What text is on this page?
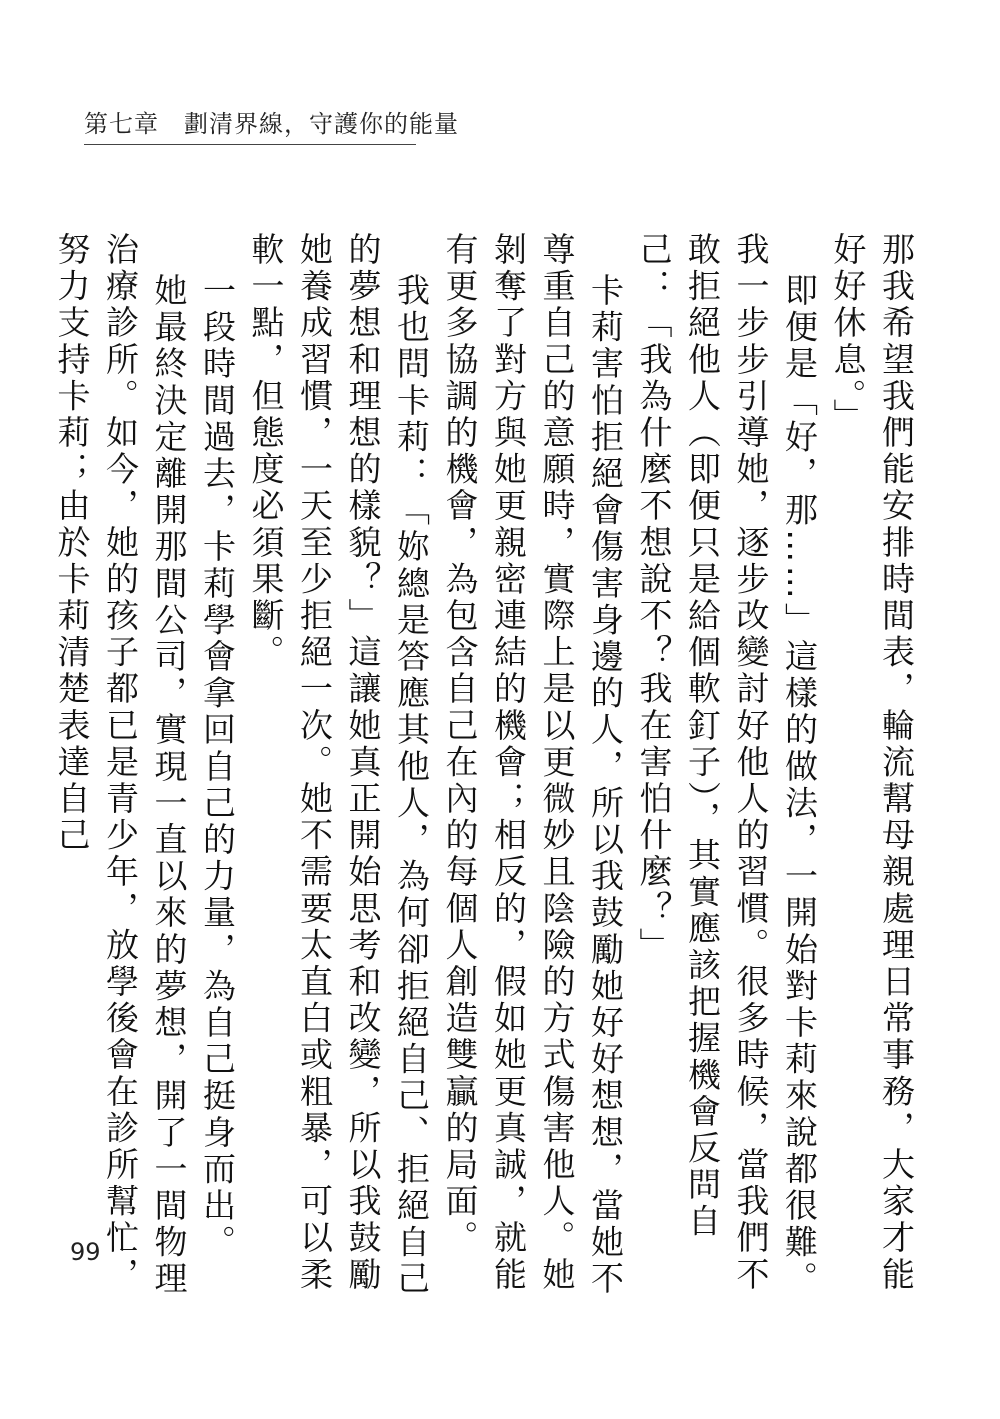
第七章　劃清界線，守護你的能量

那我希望我們能安排時間表，輪流幫母親處理日常事務，大家才能好好休息。」

即便是「好，那……」這樣的做法，一開始對卡莉來說都很難。我一步步引導她，逐步改變討好他人的習慣。很多時候，當我們不敢拒絕他人（即便只是給個軟釘子），其實應該把握機會反問自己：「我為什麼不想說不？我在害怕什麼？」

卡莉害怕拒絕會傷害身邊的人，所以我鼓勵她好好想想，當她不尊重自己的意願時，實際上是以更微妙且陰險的方式傷害他人。她剝奪了對方與她更親密連結的機會；相反的，假如她更真誠，就能有更多協調的機會，為包含自己在內的每個人創造雙贏的局面。

我也問卡莉：「妳總是答應其他人，為何卻拒絕自己、拒絕自己的夢想和理想的樣貌？」這讓她真正開始思考和改變，所以我鼓勵她養成習慣，一天至少拒絕一次。她不需要太直白或粗暴，可以柔軟一點，但態度必須果斷。

一段時間過去，卡莉學會拿回自己的力量，為自己挺身而出。

她最終決定離開那間公司，實現一直以來的夢想，開了一間物理治療診所。如今，她的孩子都已是青少年，放學後會在診所幫忙，努力支持卡莉；由於卡莉清楚表達自己

99
